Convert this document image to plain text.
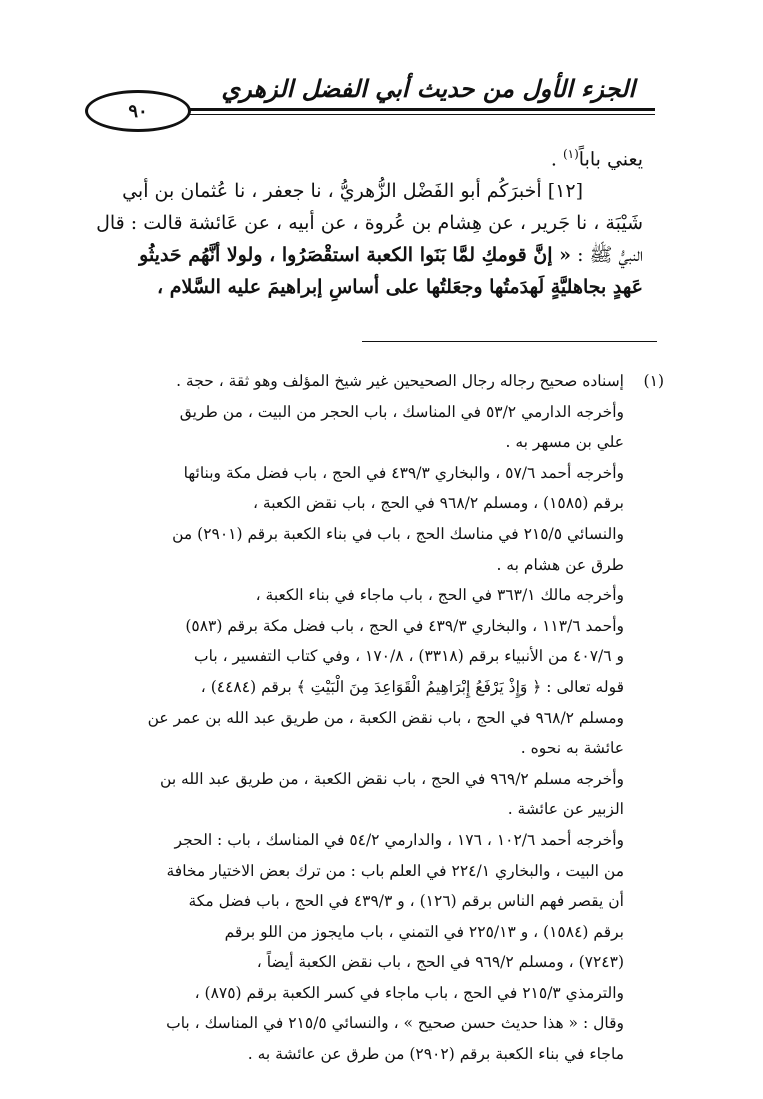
الجزء الأول من حديث أبي الفضل الزهري
٩٠
يعني باباً$^{(١)}$ .
[١٢] أخبرَكُم أبو الفَضْل الزُّهريُّ ، نا جعفر ، نا عُثمان بن أبي
شَيْبَة ، نا جَرير ، عن هِشام بن عُروة ، عن أبيه ، عن عَائشة قالت : قال
النبيُّ ﷺ : « إنَّ قومكِ لمَّا بَنَوا الكعبة استقْصَرُوا ، ولولا أنَّهُم حَديثُو
عَهدٍ بجاهليَّةٍ لَهدَمتُها وجعَلتُها على أساسِ إبراهيمَ عليه السَّلام ،
(١)إسناده صحيح رجاله رجال الصحيحين غير شيخ المؤلف وهو ثقة ، حجة .
وأخرجه الدارمي ٥٣/٢ في المناسك ، باب الحجر من البيت ، من طريق
علي بن مسهر به .
وأخرجه أحمد ٥٧/٦ ، والبخاري ٤٣٩/٣ في الحج ، باب فضل مكة وبنائها
برقم (١٥٨٥) ، ومسلم ٩٦٨/٢ في الحج ، باب نقض الكعبة ،
والنسائي ٢١٥/٥ في مناسك الحج ، باب في بناء الكعبة برقم (٢٩٠١) من
طرق عن هشام به .
وأخرجه مالك ٣٦٣/١ في الحج ، باب ماجاء في بناء الكعبة ،
وأحمد ١١٣/٦ ، والبخاري ٤٣٩/٣ في الحج ، باب فضل مكة برقم (٥٨٣)
و ٤٠٧/٦ من الأنبياء برقم (٣٣١٨) ، ١٧٠/٨ ، وفي كتاب التفسير ، باب
قوله تعالى : ﴿ وَإِذْ يَرْفَعُ إِبْرَاهِيمُ الْقَوَاعِدَ مِنَ الْبَيْتِ ﴾ برقم (٤٤٨٤) ،
ومسلم ٩٦٨/٢ في الحج ، باب نقض الكعبة ، من طريق عبد الله بن عمر عن
عائشة به نحوه .
وأخرجه مسلم ٩٦٩/٢ في الحج ، باب نقض الكعبة ، من طريق عبد الله بن
الزبير عن عائشة .
وأخرجه أحمد ١٠٢/٦ ، ١٧٦ ، والدارمي ٥٤/٢ في المناسك ، باب : الحجر
من البيت ، والبخاري ٢٢٤/١ في العلم باب : من ترك بعض الاختيار مخافة
أن يقصر فهم الناس برقم (١٢٦) ، و ٤٣٩/٣ في الحج ، باب فضل مكة
برقم (١٥٨٤) ، و ٢٢٥/١٣ في التمني ، باب مايجوز من اللو برقم
(٧٢٤٣) ، ومسلم ٩٦٩/٢ في الحج ، باب نقض الكعبة أيضاً ،
والترمذي ٢١٥/٣ في الحج ، باب ماجاء في كسر الكعبة برقم (٨٧٥) ،
وقال : « هذا حديث حسن صحيح » ، والنسائي ٢١٥/٥ في المناسك ، باب
ماجاء في بناء الكعبة برقم (٢٩٠٢) من طرق عن عائشة به .
